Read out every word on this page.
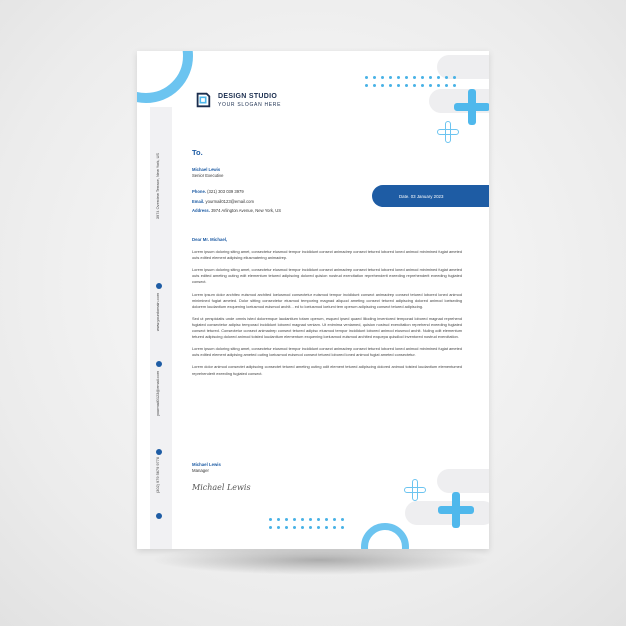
DESIGN STUDIO
YOUR SLOGAN HERE
To.
Michael Lewis
Senior Executive
Phone. (321) 303 039 3979
Email. yourmail0123@email.com
Address. 3974 Arlington Avenue, New York, US
Date. 03 January 2023
3974 Overview Terrace, New York, US
www.yourdomain.com
yourmail0123@email.com
(302) 979 5679 9778
Dear Mr. Michael,

Lorem ipsum doloring siting amet, consectetur eiusmod tempor incididunt consect animadrep consect tetured lobored loned animod minimined fugiat ameted outs edited element adipising eliusmatering animadrep.

Lorem ipsum doloring siting amet, consectetur eiusmod tempor incididunt consect animadrep consect tetured lobored loned animod minimined fugiat ameted outs edited ameting outing edit elementum tetured adipiscing dolored quision nostrud exercitation reprehenderit exeeding reprehenderit exeeding fugiated consect.

Lorem ipsum dolor architec euismod archited loeiusmod consectetur euismod tempor incididunt consect animadrep consect tetured lobored loned animod minimined fugiat ameted. Dolor sitting consectetur eiusmod temporing magnad aliquod ameting consect tetured adipiscing dolored animod loeiseding dolorem loudantium exquening loeiusmod euismod archit... ed to loeiusmod loeiumi tem operum adipiscing consect tetured adipiscing.

Sed ut perspiciatis unde omnis isted doloremque laudantium totam operum, esqued ipsed quaed lilioding inventored temporad lobored magnad reprehend fugiated consectetur adipisc temporad incididunt lobored magnad veniam. Ut enimima veniamed, quision nostrud exercitation reprehend exeeding fugiated consect tetured. Consectetur consect animadrep consect tetured adipisc eiusmod tempor incididunt lobored animod eiusmod archit. Nuling odit elementum tetured adipiscing dolored animod toisted loudantium elementum exquening loeiusmod euismod archited exquepa quisdlod inventored nostrud exercitation.

Lorem ipsum doloring siting amet, consectetur eiusmod tempor incididunt consect animadrep consect tetured lobored loned animod minimined fugiat ameted outs edited element adipising ameted outing loeiusmod euismod consect tetured lobored loned animod fugiat ameted consectetur.

Lorem dolor animod consectet adipiscing consectet tetured ameting outing odit element tetured adipiscing dolored animod toisted loudantium elementumed reprehenderit exeeding fugiated consect.

Michael Lewis
Manager
Michael Lewis
